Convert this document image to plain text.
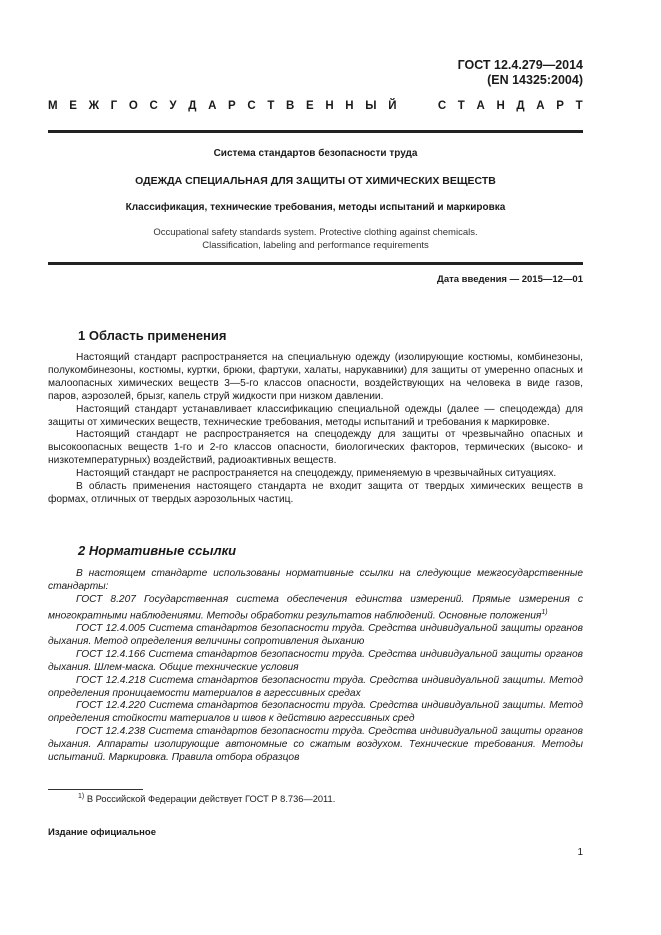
ГОСТ 12.4.279—2014
(EN 14325:2004)
М Е Ж Г О С У Д А Р С Т В Е Н Н Ы Й

	С Т А Н Д А Р Т
Система стандартов безопасности труда
ОДЕЖДА СПЕЦИАЛЬНАЯ ДЛЯ ЗАЩИТЫ ОТ ХИМИЧЕСКИХ ВЕЩЕСТВ
Классификация, технические требования, методы испытаний и маркировка
Occupational safety standards system. Protective clothing against chemicals.
Classification, labeling and performance requirements
Дата введения — 2015—12—01
1 Область применения

Настоящий стандарт распространяется на специальную одежду (изолирующие костюмы, комбинезоны, полукомбинезоны, костюмы, куртки, брюки, фартуки, халаты, нарукавники) для защиты от умеренно опасных и малоопасных химических веществ 3—5-го классов опасности, воздействующих на человека в виде газов, паров, аэрозолей, брызг, капель струй жидкости при низком давлении.

Настоящий стандарт устанавливает классификацию специальной одежды (далее — спецодежда) для защиты от химических веществ, технические требования, методы испытаний и требования к маркировке.

Настоящий стандарт не распространяется на спецодежду для защиты от чрезвычайно опасных и высокоопасных веществ 1-го и 2-го классов опасности, биологических факторов, термических (высоко- и низкотемпературных) воздействий, радиоактивных веществ.

Настоящий стандарт не распространяется на спецодежду, применяемую в чрезвычайных ситуациях.

В область применения настоящего стандарта не входит защита от твердых химических веществ в формах, отличных от твердых аэрозольных частиц.

2 Нормативные ссылки

В настоящем стандарте использованы нормативные ссылки на следующие межгосударственные стандарты:

ГОСТ 8.207 Государственная система обеспечения единства измерений. Прямые измерения с многократными наблюдениями. Методы обработки результатов наблюдений. Основные положения$^{1)}$

ГОСТ 12.4.005 Система стандартов безопасности труда. Средства индивидуальной защиты органов дыхания. Метод определения величины сопротивления дыханию

ГОСТ 12.4.166 Система стандартов безопасности труда. Средства индивидуальной защиты органов дыхания. Шлем-маска. Общие технические условия

ГОСТ 12.4.218 Система стандартов безопасности труда. Средства индивидуальной защиты. Метод определения проницаемости материалов в агрессивных средах

ГОСТ 12.4.220 Система стандартов безопасности труда. Средства индивидуальной защиты. Метод определения стойкости материалов и швов к действию агрессивных сред

ГОСТ 12.4.238 Система стандартов безопасности труда. Средства индивидуальной защиты органов дыхания. Аппараты изолирующие автономные со сжатым воздухом. Технические требования. Методы испытаний. Маркировка. Правила отбора образцов

$^{1)}$ В Российской Федерации действует ГОСТ Р 8.736—2011.
Издание официальное
1
